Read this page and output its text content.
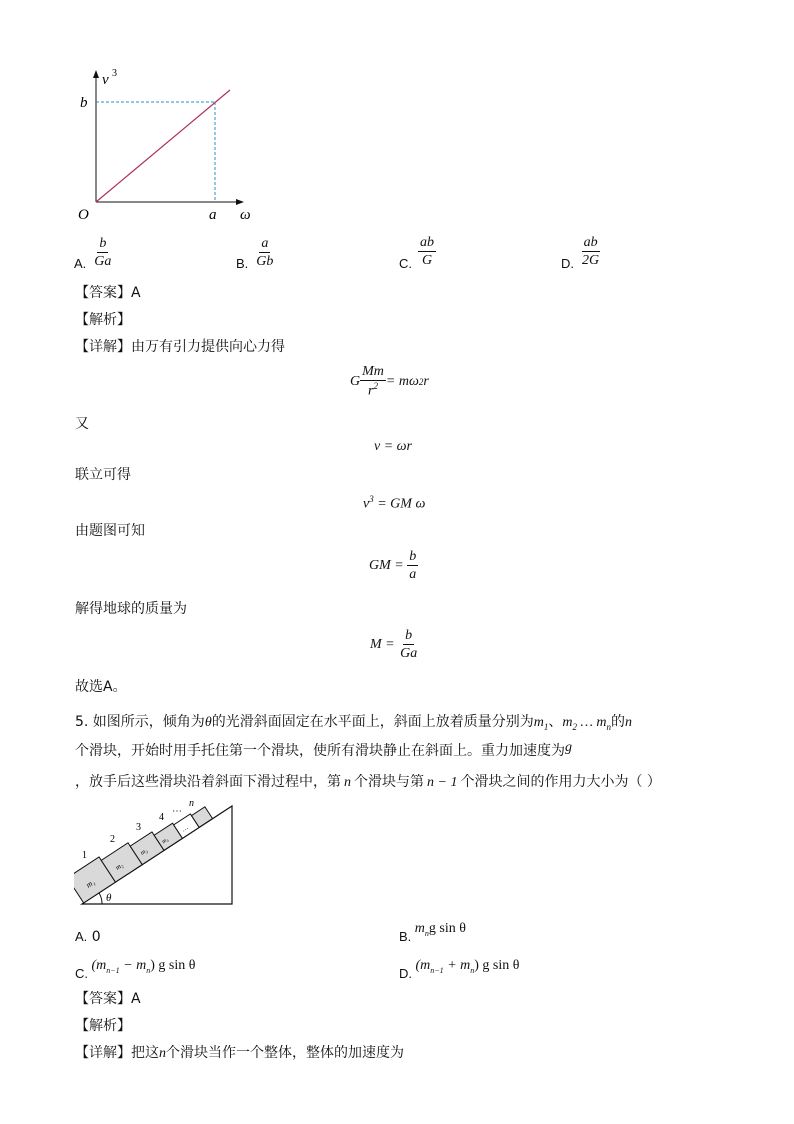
v 3
b
O	a ω
A. $\frac{b}{Ga}$	B. $\frac{a}{Gb}$	C. $\frac{ab}{G}$	D. $\frac{ab}{2G}$
【答案】A
【解析】
【详解】由万有引力提供向心力得
G $\frac{Mm}{r^2} = m\omega$ 2 r
又
v = ωr
联立可得
$v^3$ = GM ω
由题图可知
GM = $\frac{b}{a}$
解得地球的质量为
$M = \frac{b}{Ga}$
故选A。
5. 如图所示，倾角为θ的光滑斜面固定在水平面上，斜面上放着质量分别为$m_1$、$m_2$ … $m_n$的n
个滑块，开始时用手托住第一个滑块，使所有滑块静止在斜面上。重力加速度为g
，放手后这些滑块沿着斜面下滑过程中，第 n 个滑块与第 n − 1 个滑块之间的作用力大小为（ ）
θ
m₁
m₂
m₃
m₄
…
1
2
3
4
⋯
n
A. 0	B. $m_ng$ sin θ
C. $(m_{n-1} - m_n)$ g sin θ
D. $(m_{n-1} + m_n)$ g sin θ
【答案】A
【解析】
【详解】把这n个滑块当作一个整体，整体的加速度为
